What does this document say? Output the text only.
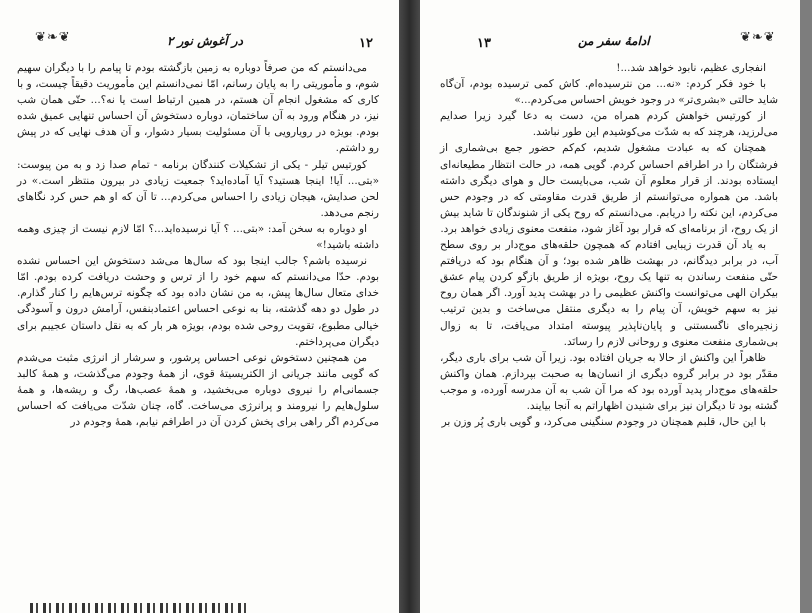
۱۲
در آغوش نور ۲
❦❧❦

می‌دانستم که من صرفاً دوباره به زمین بازگشته بودم تا پیامم را با دیگران سهیم شوم، و مأموریتی را به پایان رسانم، امّا نمی‌دانستم این مأموریت دقیقاً چیست، و با کاری که مشغول انجام آن هستم، در همین ارتباط است یا نه؟... حتّی همان شب نیز، در هنگام ورود به آن ساختمان، دوباره دستخوش آن احساس تنهایی عمیق شده بودم. بویژه در رویارویی با آن مسئولیت بسیار دشوار، و آن هدف نهایی که در پیش رو داشتم.

کورتیس تیلر - یکی از تشکیلات کنندگان برنامه - تمام صدا زد و به من پیوست: «بتی... آیا! اینجا هستید؟ آیا آماده‌اید؟ جمعیت زیادی در بیرون منتظر است.» در لحن صدایش، هیجان زیادی را احساس می‌کردم... تا آن که او هم حس کرد نگاهای رنجم می‌دهد.

او دوباره به سخن آمد: «بتی... ؟ آیا نرسیده‌اید...؟ امّا لازم نیست از چیزی وهمه داشته باشید!»

نرسیده باشم؟ جالب اینجا بود که سال‌ها می‌شد دستخوش این احساس نشده بودم. حدّا می‌دانستم که سهم خود را از ترس و وحشت دریافت کرده بودم. امّا خدای متعال سال‌ها پیش، به من نشان داده بود که چگونه ترس‌هایم را کنار گذارم. در طول دو دهه گذشته، بنا به نوعی احساس اعتمادبنفس، آرامش درون و آسودگی خیالی مطبوع، تقویت روحی شده بودم، بویژه هر بار که به نقل داستان عجیبم برای دیگران می‌پرداختم.

من همچنین دستخوش نوعی احساس پرشور، و سرشار از انرژی مثبت می‌شدم که گویی مانند جریانی از الکتریسیتهٔ قوی، از همهٔ وجودم می‌گذشت، و همهٔ کالبد جسمانی‌ام را نیروی دوباره می‌بخشید، و همهٔ عصب‌ها، رگ و ریشه‌ها، و همهٔ سلول‌هایم را نیرومند و پرانرژی می‌ساخت. گاه، چنان شدّت می‌یافت که احساس می‌کردم اگر راهی برای پخش کردن آن در اطرافم نیابم، همهٔ وجودم در

❦❧❦
ادامهٔ سفر من
۱۳

انفجاری عظیم، نابود خواهد شد...!

با خود فکر کردم: «نه... من نترسیده‌ام. کاش کمی ترسیده بودم، آن‌گاه شاید حالتی «بشری‌تر» در وجود خویش احساس می‌کردم...»

از کورتیس خواهش کردم همراه من، دست به دعا گیرد زیرا صدایم می‌لرزید، هرچند که به شدّت می‌کوشیدم این طور نباشد.

همچنان که به عبادت مشغول شدیم، کم‌کم حضور جمع بی‌شماری از فرشتگان را در اطرافم احساس کردم. گویی همه، در حالت انتظار مطیعانه‌ای ایستاده بودند. از قرار معلوم آن شب، می‌بایست حال و هوای دیگری داشته باشد. من همواره می‌توانستم از طریق قدرت مقاومتی که در وجودم حس می‌کردم، این نکته را دریابم. می‌دانستم که روح یکی از شنوندگان تا شاید بیش از یک روح، از برنامه‌ای که قرار بود آغاز شود، منفعت معنوی زیادی خواهد برد.

به یاد آن قدرت زیبایی افتادم که همچون حلقه‌های موج‌دار بر روی سطح آب، در برابر دیدگانم، در بهشت ظاهر شده بود؛ و آن هنگام بود که دریافتم حتّی منفعت رساندن به تنها یک روح، بویژه از طریق بازگو کردن پیام عشق بیکران الهی می‌توانست واکنش عظیمی را در بهشت پدید آورد. اگر همان روح نیز به سهم خویش، آن پیام را به دیگری منتقل می‌ساخت و بدین ترتیب زنجیره‌ای ناگسستنی و پایان‌ناپذیر پیوسته امتداد می‌یافت، تا به زوال بی‌شماری منفعت معنوی و روحانی لازم را رسانَد.

ظاهراً این واکنش از حالا به جریان افتاده بود. زیرا آن شب برای باری دیگر، مقدّر بود در برابر گروه دیگری از انسان‌ها به صحبت بپردازم. همان واکنش حلقه‌های موج‌دار پدید آورده بود که مرا آن شب به آن مدرسه آورده، و موجب گشته بود تا دیگران نیز برای شنیدن اظهاراتم به آنجا بیایند.

با این حال، قلبم همچنان در وجودم سنگینی می‌کرد، و گویی باری پُر وزن بر
